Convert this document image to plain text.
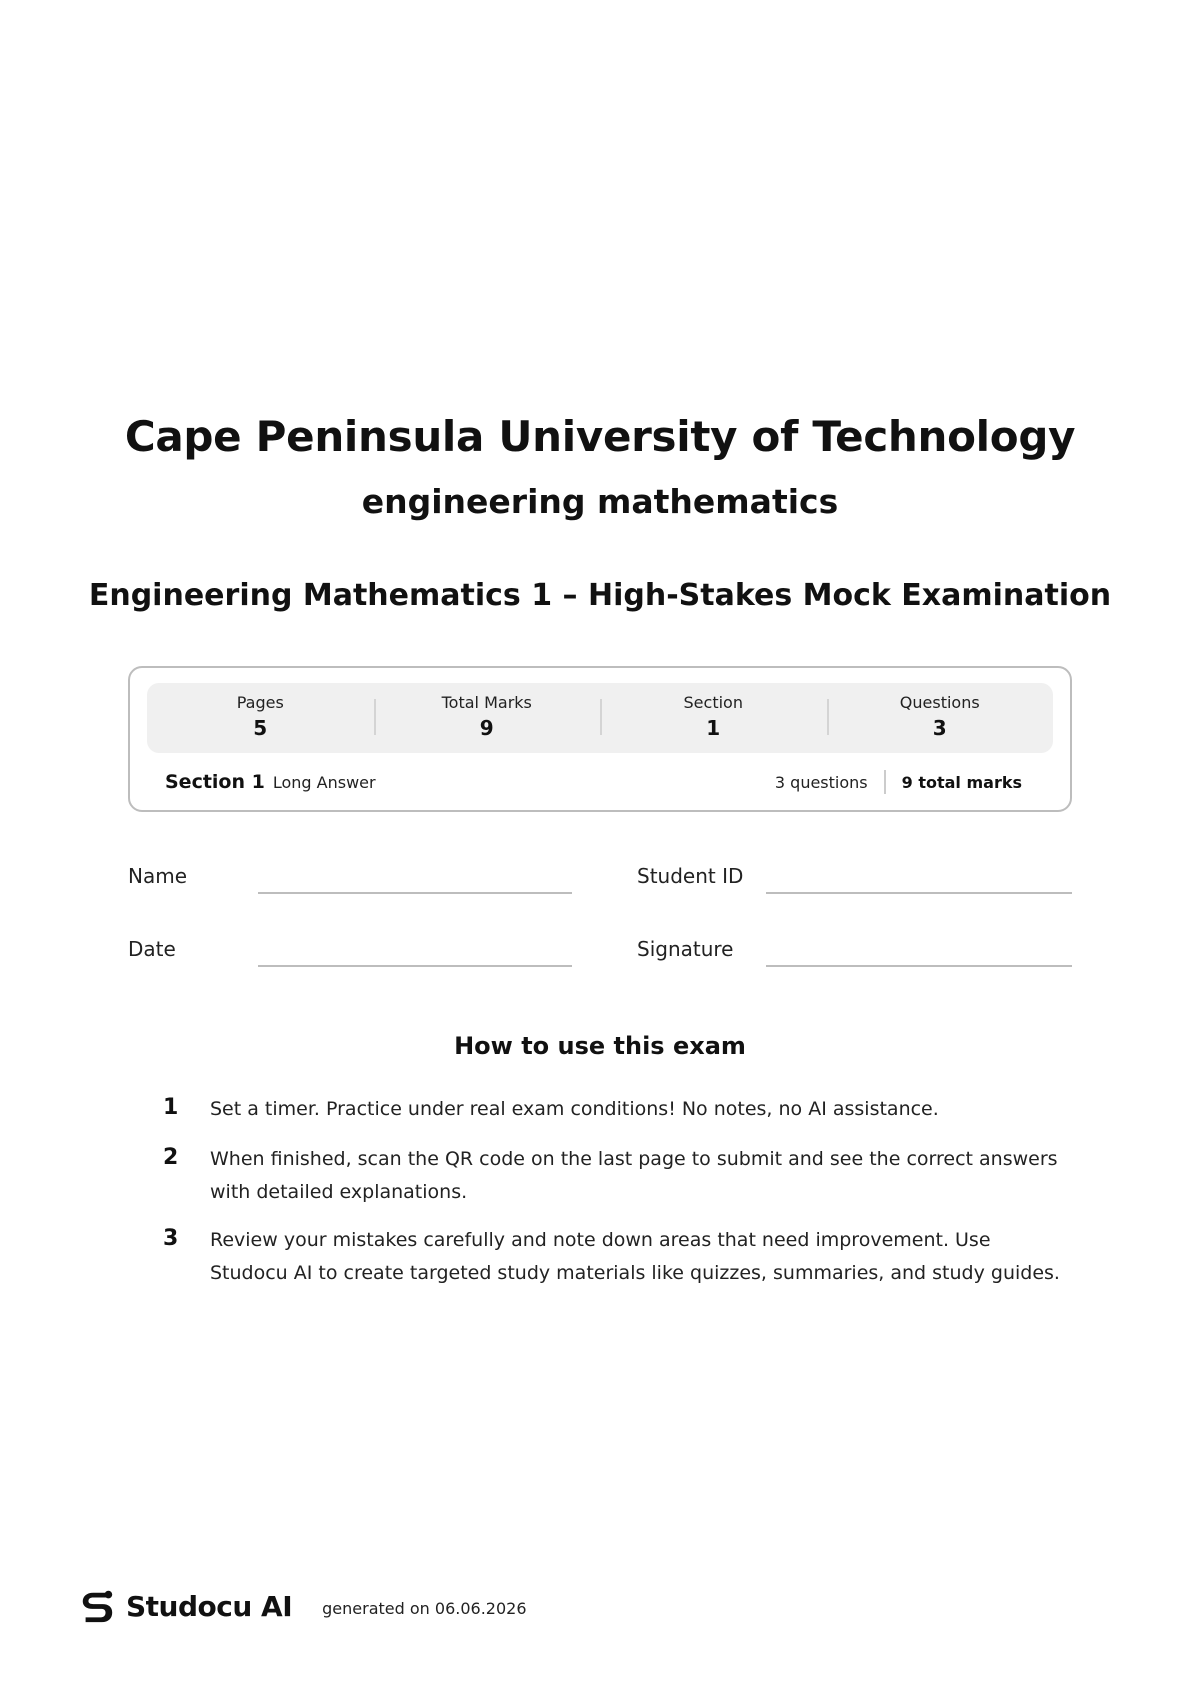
Cape Peninsula University of Technology
engineering mathematics
Engineering Mathematics 1 – High-Stakes Mock Examination
Pages
5
Total Marks
9
Section
1
Questions
3
Section 1 Long Answer	3 questions 9 total marks
Name	Student ID
Date	Signature
How to use this exam
1	Set a timer. Practice under real exam conditions! No notes, no AI assistance.
2	When finished, scan the QR code on the last page to submit and see the correct answers with detailed explanations.
3	Review your mistakes carefully and note down areas that need improvement. Use Studocu AI to create targeted study materials like quizzes, summaries, and study guides.
Studocu AI generated on 06.06.2026
